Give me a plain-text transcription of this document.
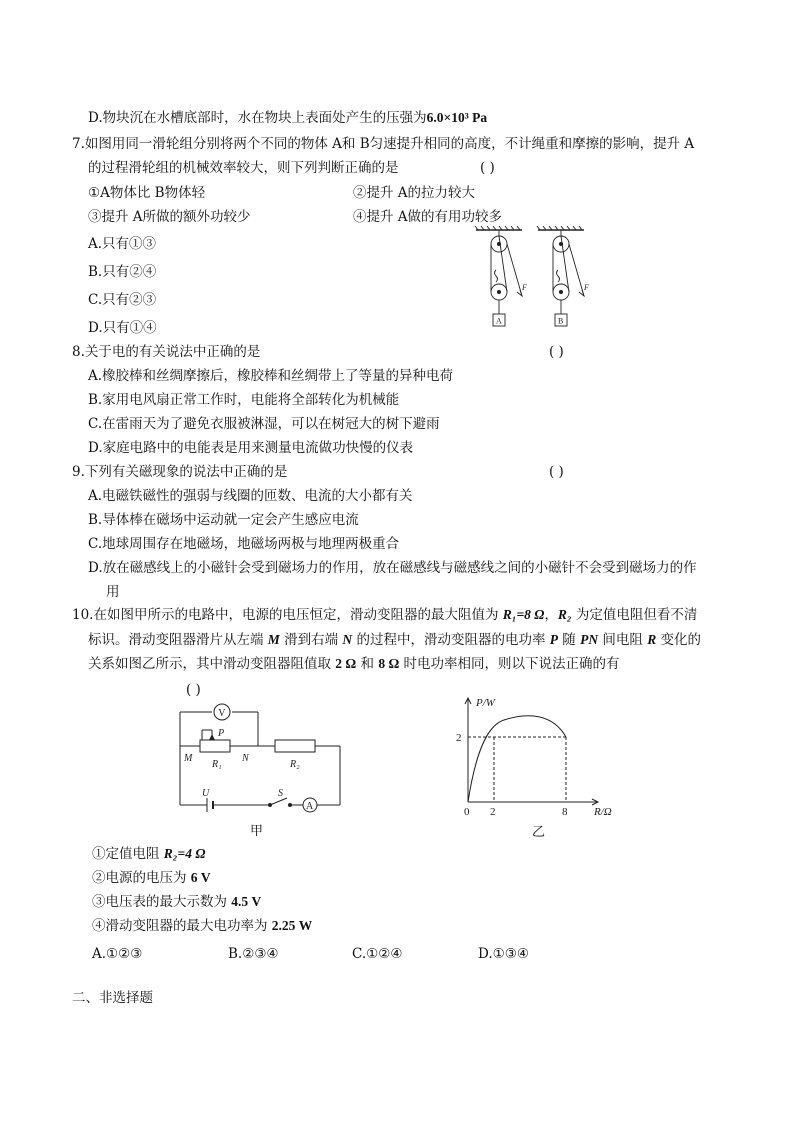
D.物块沉在水槽底部时，水在物块上表面处产生的压强为6.0×10³ Pa
7.如图用同一滑轮组分别将两个不同的物体 A和 B匀速提升相同的高度，不计绳重和摩擦的影响，提升 A
的过程滑轮组的机械效率较大，则下列判断正确的是	( )
①A物体比 B物体轻	②提升 A的拉力较大
③提升 A所做的额外功较少	④提升 A做的有用功较多
A.只有①③
B.只有②④
C.只有②③
D.只有①④
F
A
F
B
8.关于电的有关说法中正确的是	( )
A.橡胶棒和丝绸摩擦后，橡胶棒和丝绸带上了等量的异种电荷
B.家用电风扇正常工作时，电能将全部转化为机械能
C.在雷雨天为了避免衣服被淋湿，可以在树冠大的树下避雨
D.家庭电路中的电能表是用来测量电流做功快慢的仪表
9.下列有关磁现象的说法中正确的是	( )
A.电磁铁磁性的强弱与线圈的匝数、电流的大小都有关
B.导体棒在磁场中运动就一定会产生感应电流
C.地球周围存在地磁场，地磁场两极与地理两极重合
D.放在磁感线上的小磁针会受到磁场力的作用，放在磁感线与磁感线之间的小磁针不会受到磁场力的作
用
10.在如图甲所示的电路中，电源的电压恒定，滑动变阻器的最大阻值为 R₁=8 Ω，R₂ 为定值电阻但看不清
标识。滑动变阻器滑片从左端 M 滑到右端 N 的过程中，滑动变阻器的电功率 P 随 PN 间电阻 R 变化的
关系如图乙所示，其中滑动变阻器阻值取 2 Ω 和 8 Ω 时电功率相同，则以下说法正确的有
( )
V
A
P
M	N
R₁	R₂
U	S
甲
P/W
2
0 2	8 R/Ω
乙
①定值电阻 R₂=4 Ω
②电源的电压为 6 V
③电压表的最大示数为 4.5 V
④滑动变阻器的最大电功率为 2.25 W
A.①②③	B.②③④	C.①②④	D.①③④
二、非选择题
